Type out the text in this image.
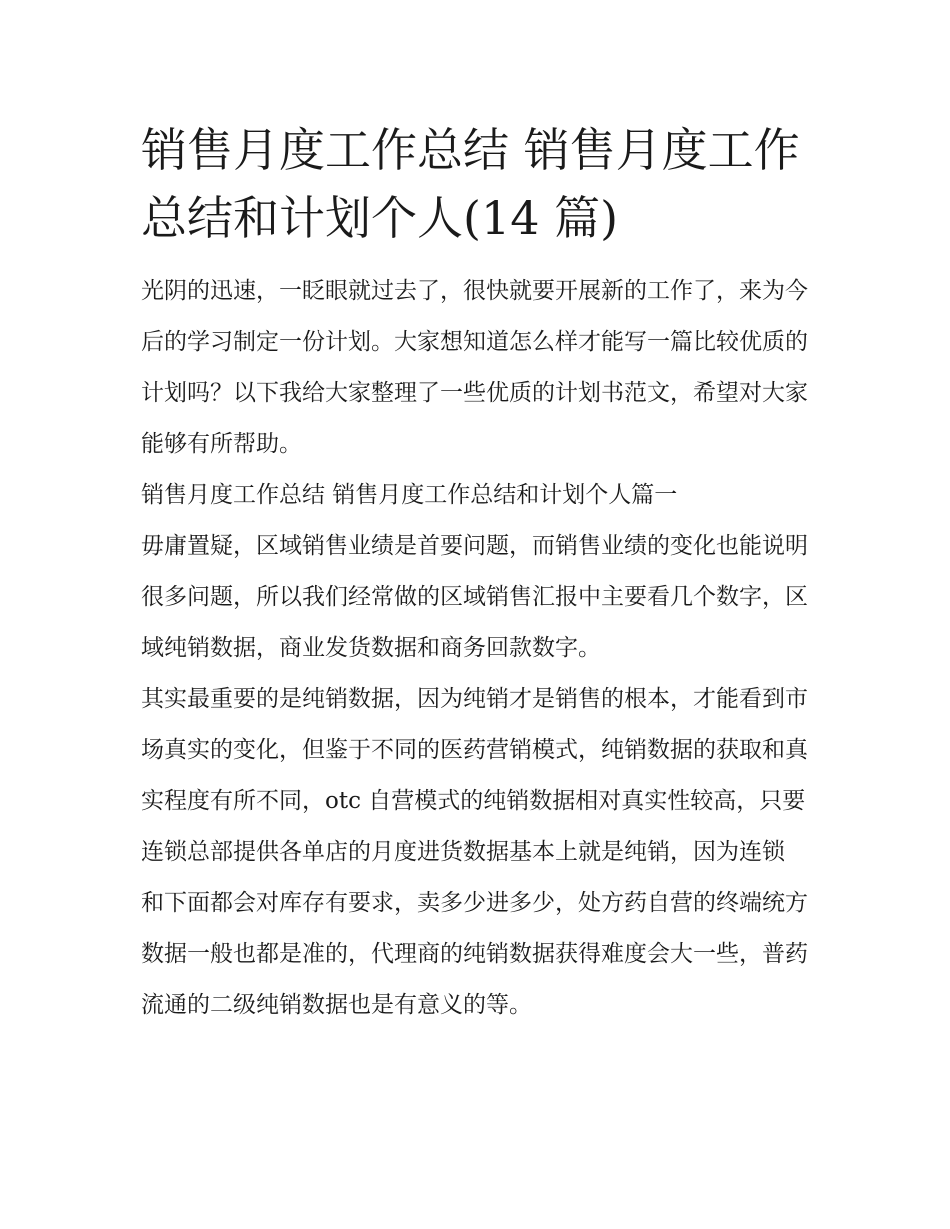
销售月度工作总结 销售月度工作总结和计划个人(14 篇)

光阴的迅速，一眨眼就过去了，很快就要开展新的工作了，来为今后的学习制定一份计划。大家想知道怎么样才能写一篇比较优质的计划吗？以下我给大家整理了一些优质的计划书范文，希望对大家能够有所帮助。

销售月度工作总结 销售月度工作总结和计划个人篇一

毋庸置疑，区域销售业绩是首要问题，而销售业绩的变化也能说明很多问题，所以我们经常做的区域销售汇报中主要看几个数字，区域纯销数据，商业发货数据和商务回款数字。

其实最重要的是纯销数据，因为纯销才是销售的根本，才能看到市场真实的变化，但鉴于不同的医药营销模式，纯销数据的获取和真实程度有所不同，otc 自营模式的纯销数据相对真实性较高，只要连锁总部提供各单店的月度进货数据基本上就是纯销，因为连锁

和下面都会对库存有要求，卖多少进多少，处方药自营的终端统方数据一般也都是准的，代理商的纯销数据获得难度会大一些，普药流通的二级纯销数据也是有意义的等。
